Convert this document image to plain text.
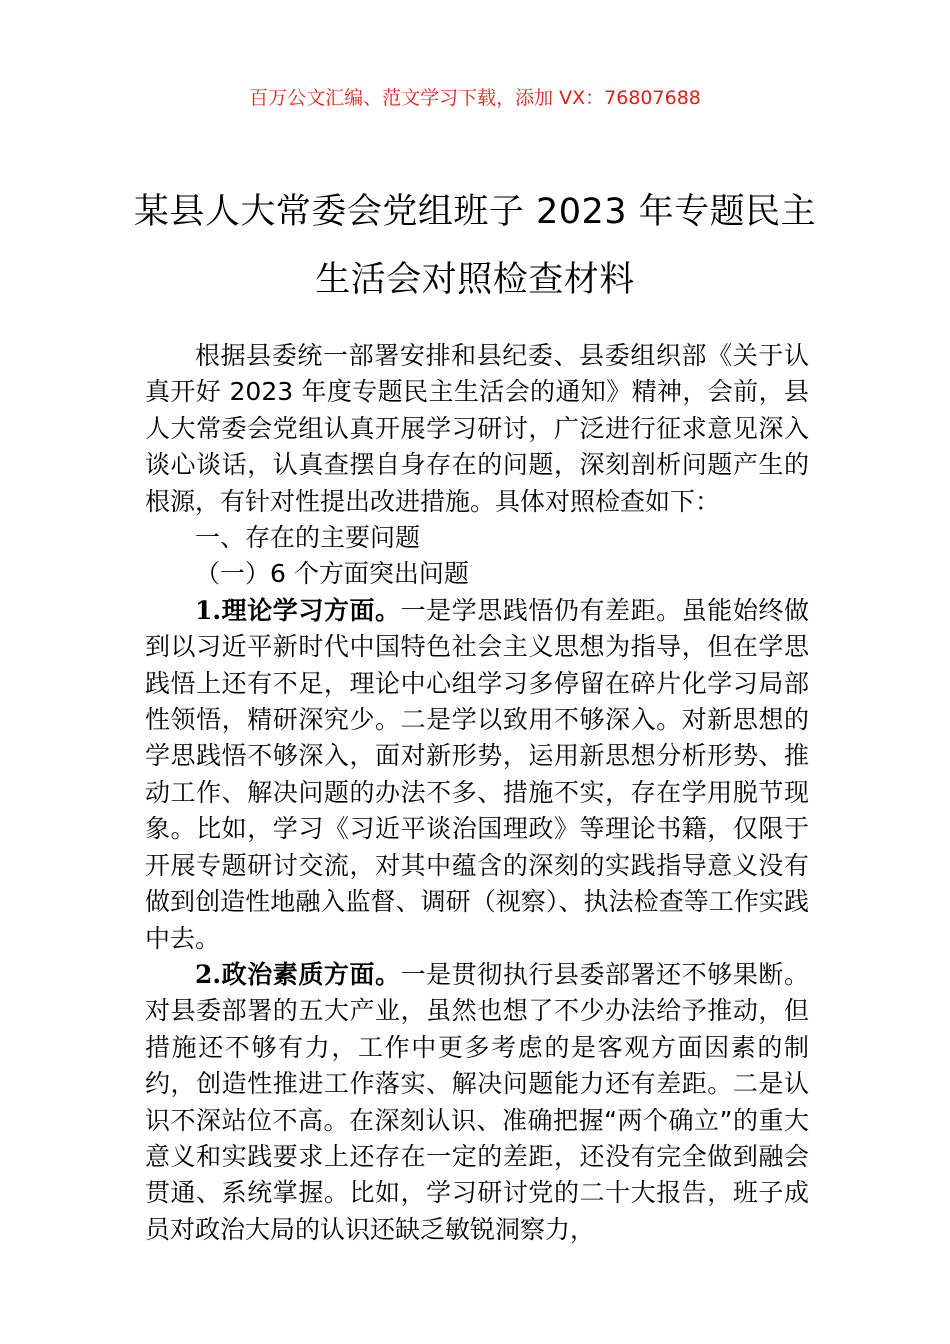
百万公文汇编、范文学习下载，添加 VX：76807688
某县人大常委会党组班子 2023 年专题民主生活会对照检查材料

根据县委统一部署安排和县纪委、县委组织部《关于认真开好 2023 年度专题民主生活会的通知》精神，会前，县人大常委会党组认真开展学习研讨，广泛进行征求意见深入谈心谈话，认真查摆自身存在的问题，深刻剖析问题产生的根源，有针对性提出改进措施。具体对照检查如下：

一、存在的主要问题

（一）6 个方面突出问题

1.理论学习方面。一是学思践悟仍有差距。虽能始终做到以习近平新时代中国特色社会主义思想为指导，但在学思践悟上还有不足，理论中心组学习多停留在碎片化学习局部性领悟，精研深究少。二是学以致用不够深入。对新思想的学思践悟不够深入，面对新形势，运用新思想分析形势、推动工作、解决问题的办法不多、措施不实，存在学用脱节现象。比如，学习《习近平谈治国理政》等理论书籍，仅限于开展专题研讨交流，对其中蕴含的深刻的实践指导意义没有做到创造性地融入监督、调研（视察）、执法检查等工作实践中去。

2.政治素质方面。一是贯彻执行县委部署还不够果断。对县委部署的五大产业，虽然也想了不少办法给予推动，但措施还不够有力，工作中更多考虑的是客观方面因素的制约，创造性推进工作落实、解决问题能力还有差距。二是认识不深站位不高。在深刻认识、准确把握“两个确立”的重大意义和实践要求上还存在一定的差距，还没有完全做到融会贯通、系统掌握。比如，学习研讨党的二十大报告，班子成员对政治大局的认识还缺乏敏锐洞察力，
